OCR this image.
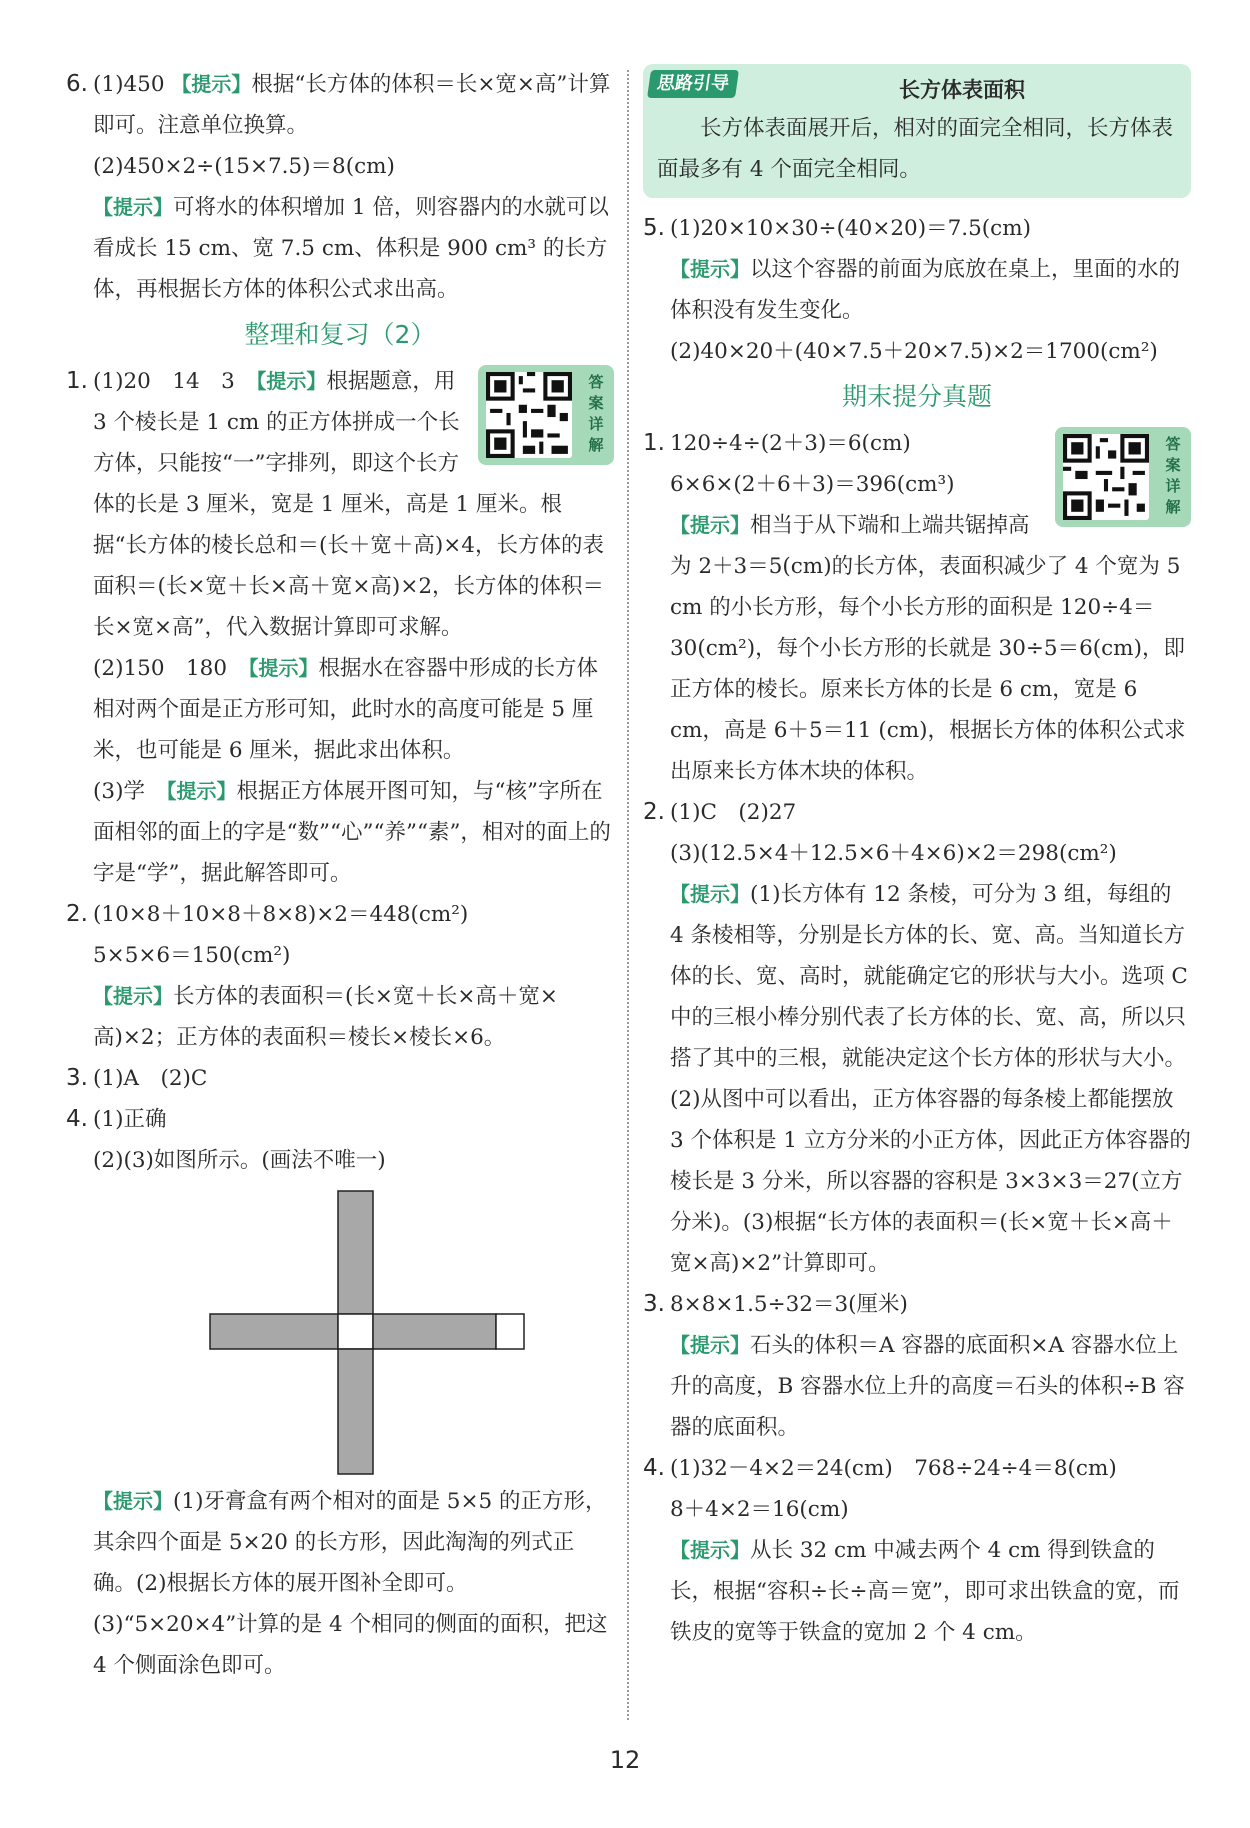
6. (1)450 【提示】根据“长方体的体积＝长×宽×高”计算即可。注意单位换算。
(2)450×2÷(15×7.5)＝8(cm)
【提示】可将水的体积增加 1 倍，则容器内的水就可以看成长 15 cm、宽 7.5 cm、体积是 900 cm³ 的长方体，再根据长方体的体积公式求出高。
整理和复习（2）
1.	答
案
详
解
(1)20　14　3　 【提示】根据题意，用 3 个棱长是 1 cm 的正方体拼成一个长方体，只能按“一”字排列，即这个长方体的长是 3 厘米，宽是 1 厘米，高是 1 厘米。根据“长方体的棱长总和＝(长＋宽＋高)×4，长方体的表面积＝(长×宽＋长×高＋宽×高)×2，长方体的体积＝长×宽×高”，代入数据计算即可求解。
(2)150　180　 【提示】根据水在容器中形成的长方体相对两个面是正方形可知，此时水的高度可能是 5 厘米，也可能是 6 厘米，据此求出体积。
(3)学　 【提示】根据正方体展开图可知，与“核”字所在面相邻的面上的字是“数”“心”“养”“素”，相对的面上的字是“学”，据此解答即可。
2. (10×8＋10×8＋8×8)×2＝448(cm²)
5×5×6＝150(cm²)
【提示】长方体的表面积＝(长×宽＋长×高＋宽×高)×2；正方体的表面积＝棱长×棱长×6。
3. (1)A　(2)C
4. (1)正确
(2)(3)如图所示。(画法不唯一)
【提示】(1)牙膏盒有两个相对的面是 5×5 的正方形，其余四个面是 5×20 的长方形，因此淘淘的列式正确。(2)根据长方体的展开图补全即可。(3)“5×20×4”计算的是 4 个相同的侧面的面积，把这 4 个侧面涂色即可。
思路引导	长方体表面积
长方体表面展开后，相对的面完全相同，长方体表面最多有 4 个面完全相同。
5. (1)20×10×30÷(40×20)＝7.5(cm)
【提示】以这个容器的前面为底放在桌上，里面的水的体积没有发生变化。
(2)40×20＋(40×7.5＋20×7.5)×2＝1700(cm²)
期末提分真题
1.	答
案
详
解
120÷4÷(2＋3)＝6(cm)
6×6×(2＋6＋3)＝396(cm³)
【提示】相当于从下端和上端共锯掉高为 2＋3＝5(cm)的长方体，表面积减少了 4 个宽为 5 cm 的小长方形，每个小长方形的面积是 120÷4＝30(cm²)，每个小长方形的长就是 30÷5＝6(cm)，即正方体的棱长。原来长方体的长是 6 cm，宽是 6 cm，高是 6＋5＝11 (cm)，根据长方体的体积公式求出原来长方体木块的体积。
2. (1)C　(2)27
(3)(12.5×4＋12.5×6＋4×6)×2＝298(cm²)
【提示】(1)长方体有 12 条棱，可分为 3 组，每组的 4 条棱相等，分别是长方体的长、宽、高。当知道长方体的长、宽、高时，就能确定它的形状与大小。选项 C 中的三根小棒分别代表了长方体的长、宽、高，所以只搭了其中的三根，就能决定这个长方体的形状与大小。(2)从图中可以看出，正方体容器的每条棱上都能摆放 3 个体积是 1 立方分米的小正方体，因此正方体容器的棱长是 3 分米，所以容器的容积是 3×3×3＝27(立方分米)。(3)根据“长方体的表面积＝(长×宽＋长×高＋宽×高)×2”计算即可。
3. 8×8×1.5÷32＝3(厘米)
【提示】石头的体积＝A 容器的底面积×A 容器水位上升的高度，B 容器水位上升的高度＝石头的体积÷B 容器的底面积。
4. (1)32－4×2＝24(cm)　768÷24÷4＝8(cm)
8＋4×2＝16(cm)
【提示】从长 32 cm 中减去两个 4 cm 得到铁盒的长，根据“容积÷长÷高＝宽”，即可求出铁盒的宽，而铁皮的宽等于铁盒的宽加 2 个 4 cm。
12
